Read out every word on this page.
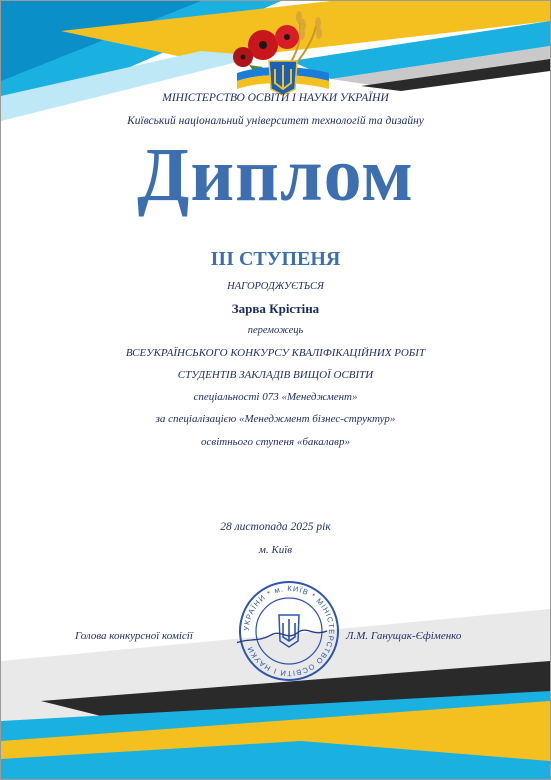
МІНІСТЕРСТВО ОСВІТИ І НАУКИ УКРАЇНИ

Київський національний університет технологій та дизайну

Диплом

ІІІ СТУПЕНЯ

НАГОРОДЖУЄТЬСЯ

Зарва Крістіна

переможець

ВСЕУКРАЇНСЬКОГО КОНКУРСУ КВАЛІФІКАЦІЙНИХ РОБІТ

СТУДЕНТІВ ЗАКЛАДІВ ВИЩОЇ ОСВІТИ

спеціальності 073 «Менеджмент»

за спеціалізацією «Менеджмент бізнес-структур»

освітнього ступеня «бакалавр»

28 листопада 2025 рік

м. Київ

Голова конкурсної комісії	Л.М. Ганущак-Єфіменко
УКРАЇНИ * м. КИЇВ * МІНІСТЕРСТВО ОСВІТИ І НАУКИ
